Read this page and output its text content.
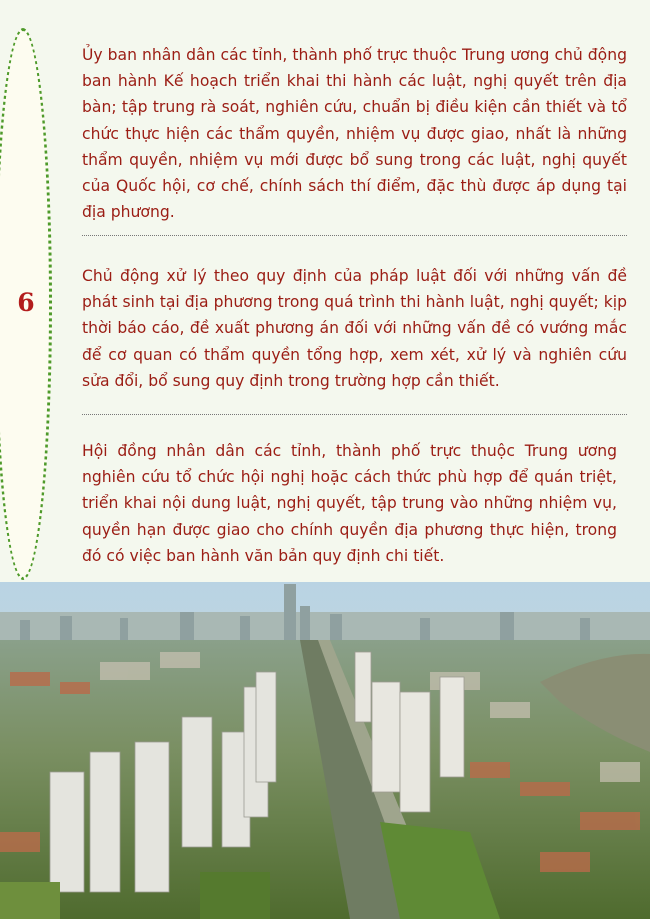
6

Ủy ban nhân dân các tỉnh, thành phố trực thuộc Trung ương chủ động ban hành Kế hoạch triển khai thi hành các luật, nghị quyết trên địa bàn; tập trung rà soát, nghiên cứu, chuẩn bị điều kiện cần thiết và tổ chức thực hiện các thẩm quyền, nhiệm vụ được giao, nhất là những thẩm quyền, nhiệm vụ mới được bổ sung trong các luật, nghị quyết của Quốc hội, cơ chế, chính sách thí điểm, đặc thù được áp dụng tại địa phương.

Chủ động xử lý theo quy định của pháp luật đối với những vấn đề phát sinh tại địa phương trong quá trình thi hành luật, nghị quyết; kịp thời báo cáo, đề xuất phương án đối với những vấn đề có vướng mắc để cơ quan có thẩm quyền tổng hợp, xem xét, xử lý và nghiên cứu sửa đổi, bổ sung quy định trong trường hợp cần thiết.

Hội đồng nhân dân các tỉnh, thành phố trực thuộc Trung ương nghiên cứu tổ chức hội nghị hoặc cách thức phù hợp để quán triệt, triển khai nội dung luật, nghị quyết, tập trung vào những nhiệm vụ, quyền hạn được giao cho chính quyền địa phương thực hiện, trong đó có việc ban hành văn bản quy định chi tiết.
